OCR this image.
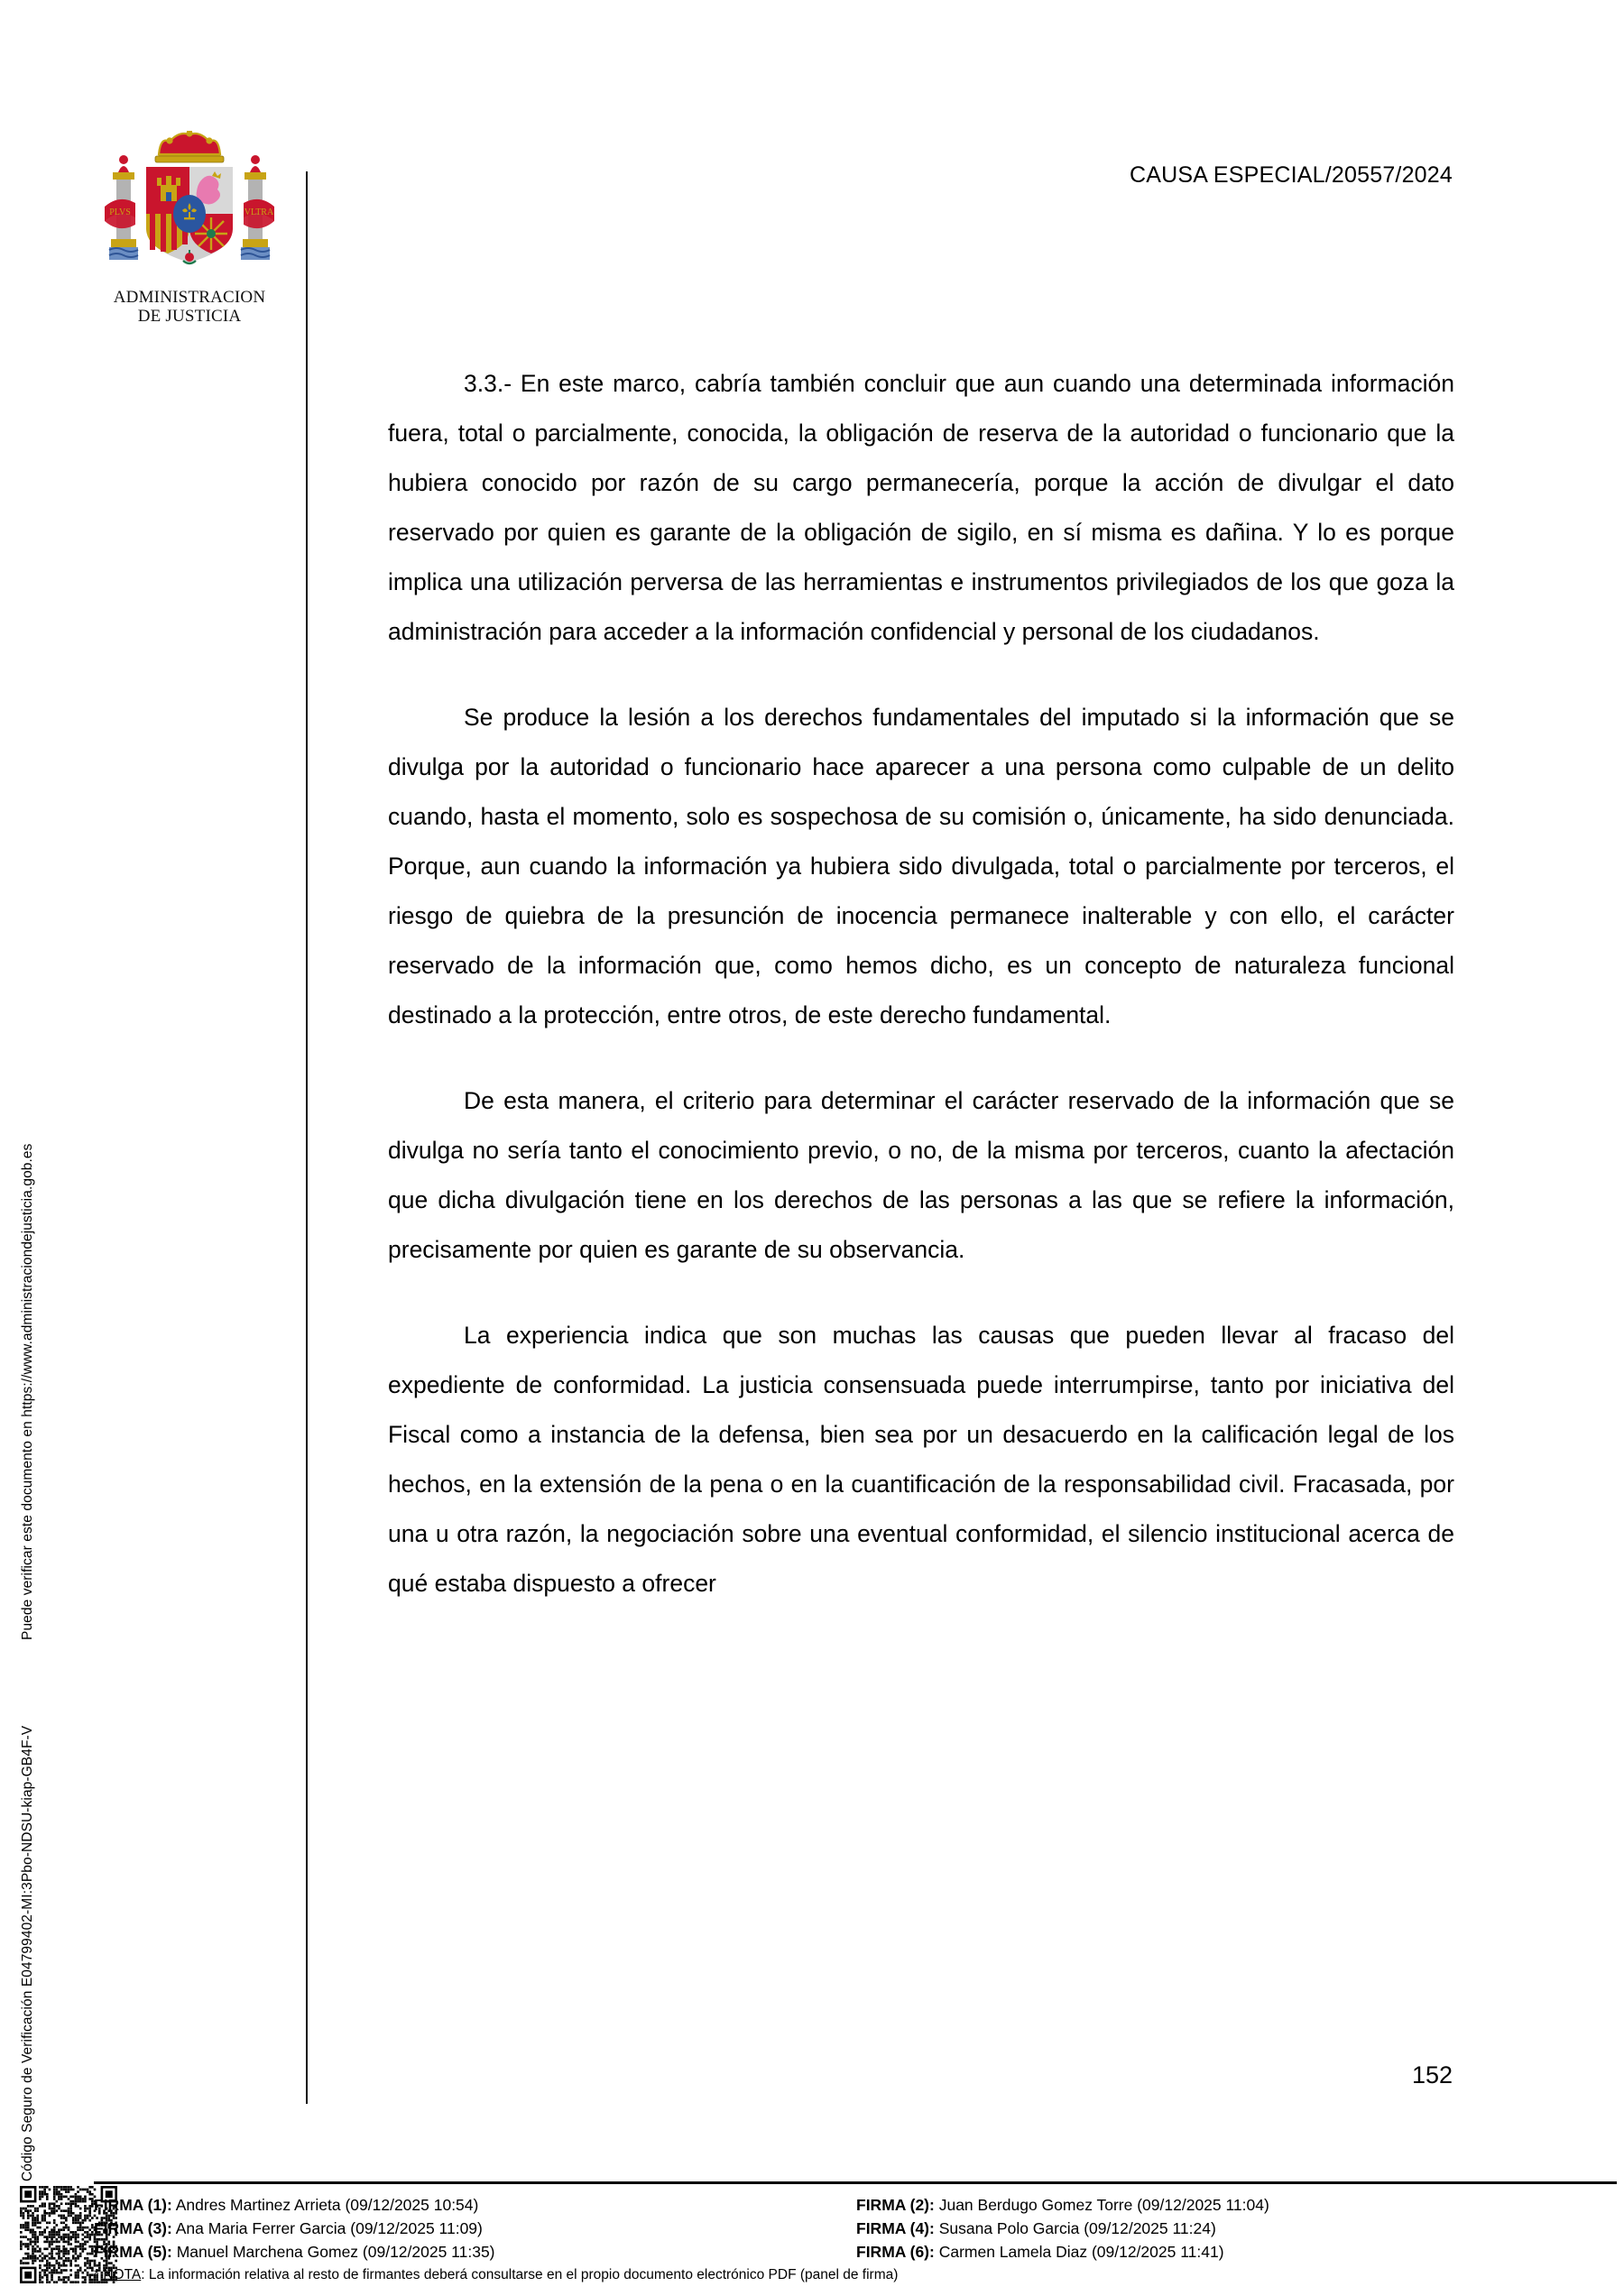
Puede verificar este documento en https://www.administraciondejusticia.gob.es
Código Seguro de Verificación E04799402-MI:3Pbo-NDSU-kiap-GB4F-V
PLVS	VLTRA
ADMINISTRACION
DE JUSTICIA
CAUSA ESPECIAL/20557/2024

3.3.- En este marco, cabría también concluir que aun cuando una determinada información fuera, total o parcialmente, conocida, la obligación de reserva de la autoridad o funcionario que la hubiera conocido por razón de su cargo permanecería, porque la acción de divulgar el dato reservado por quien es garante de la obligación de sigilo, en sí misma es dañina. Y lo es porque implica una utilización perversa de las herramientas e instrumentos privilegiados de los que goza la administración para acceder a la información confidencial y personal de los ciudadanos.

Se produce la lesión a los derechos fundamentales del imputado si la información que se divulga por la autoridad o funcionario hace aparecer a una persona como culpable de un delito cuando, hasta el momento, solo es sospechosa de su comisión o, únicamente, ha sido denunciada. Porque, aun cuando la información ya hubiera sido divulgada, total o parcialmente por terceros, el riesgo de quiebra de la presunción de inocencia permanece inalterable y con ello, el carácter reservado de la información que, como hemos dicho, es un concepto de naturaleza funcional destinado a la protección, entre otros, de este derecho fundamental.

De esta manera, el criterio para determinar el carácter reservado de la información que se divulga no sería tanto el conocimiento previo, o no, de la misma por terceros, cuanto la afectación que dicha divulgación tiene en los derechos de las personas a las que se refiere la información, precisamente por quien es garante de su observancia.

La experiencia indica que son muchas las causas que pueden llevar al fracaso del expediente de conformidad. La justicia consensuada puede interrumpirse, tanto por iniciativa del Fiscal como a instancia de la defensa, bien sea por un desacuerdo en la calificación legal de los hechos, en la extensión de la pena o en la cuantificación de la responsabilidad civil. Fracasada, por una u otra razón, la negociación sobre una eventual conformidad, el silencio institucional acerca de qué estaba dispuesto a ofrecer

152
FIRMA (1): Andres Martinez Arrieta (09/12/2025 10:54)
FIRMA (3): Ana Maria Ferrer Garcia (09/12/2025 11:09)
FIRMA (5): Manuel Marchena Gomez (09/12/2025 11:35)
FIRMA (2): Juan Berdugo Gomez Torre (09/12/2025 11:04)
FIRMA (4): Susana Polo Garcia (09/12/2025 11:24)
FIRMA (6): Carmen Lamela Diaz (09/12/2025 11:41)
* NOTA: La información relativa al resto de firmantes deberá consultarse en el propio documento electrónico PDF (panel de firma)
